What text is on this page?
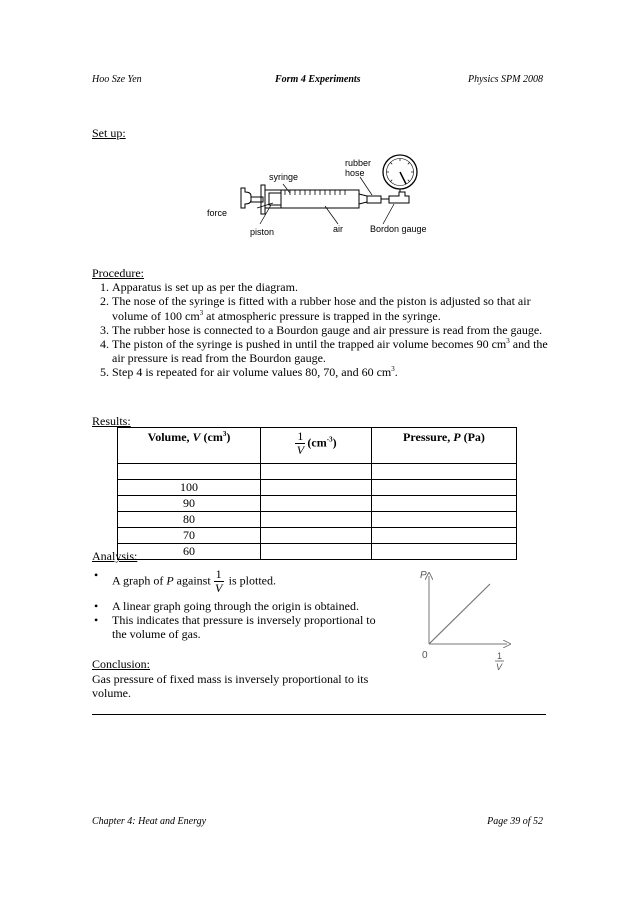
Hoo Sze Yen	Form 4 Experiments	Physics SPM 2008
Set up:
syringe
rubber
hose
force
piston	air	Bordon gauge
Procedure:
1. Apparatus is set up as per the diagram.
2. The nose of the syringe is fitted with a rubber hose and the piston is adjusted so that air volume of 100 $cm^3$ at atmospheric pressure is trapped in the syringe.
3. The rubber hose is connected to a Bourdon gauge and air pressure is read from the gauge.
4. The piston of the syringe is pushed in until the trapped air volume becomes 90 $cm^3$ and the air pressure is read from the Bourdon gauge.
5. Step 4 is repeated for air volume values 80, 70, and 60 $cm^3$.
Results:
Volume, V $(cm^3)$	$\frac{1}{V} (cm^{-3})$	Pressure, P (Pa)

100		
90		
80		
70		
60		
Analysis:
• A graph of P against $\frac{1}{V}$ is plotted.
• A linear graph going through the origin is obtained.
• This indicates that pressure is inversely proportional to the volume of gas.
Conclusion:
Gas pressure of fixed mass is inversely proportional to its volume.
P
0	1
V
Chapter 4: Heat and Energy	Page 39 of 52
